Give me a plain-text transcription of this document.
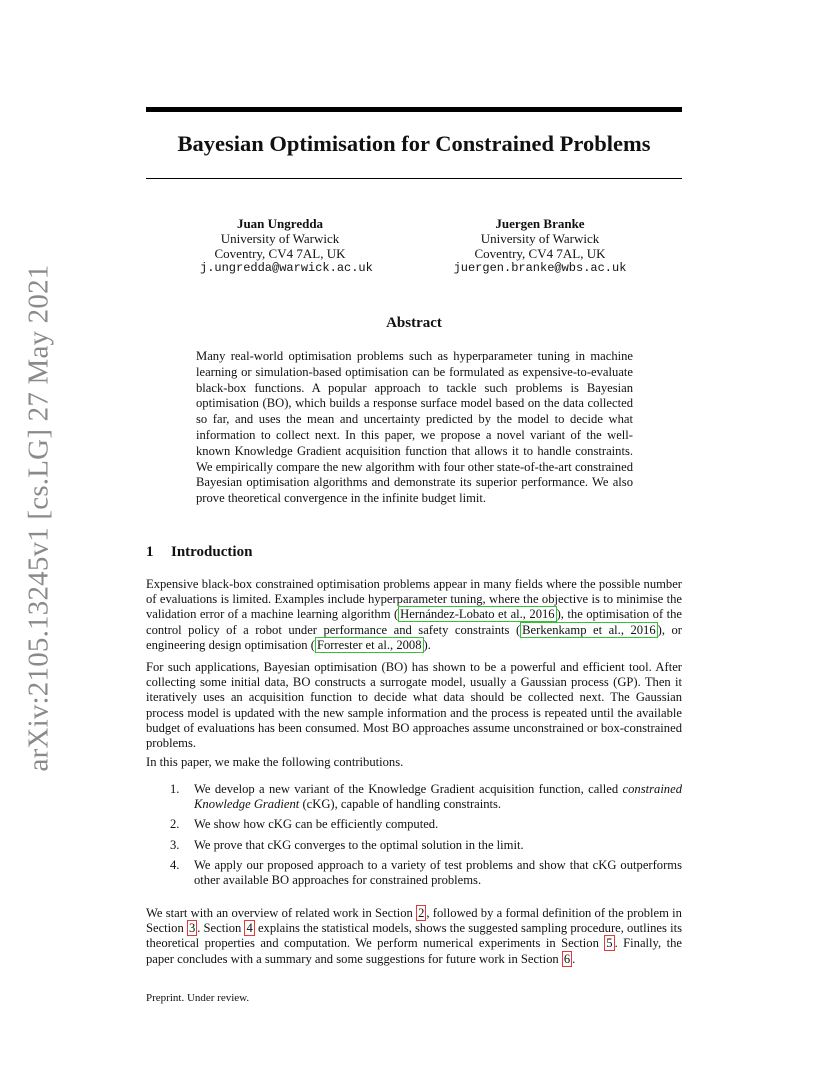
arXiv:2105.13245v1 [cs.LG] 27 May 2021
Bayesian Optimisation for Constrained Problems
Juan Ungredda
University of Warwick
Coventry, CV4 7AL, UK
j.ungredda@warwick.ac.uk
Juergen Branke
University of Warwick
Coventry, CV4 7AL, UK
juergen.branke@wbs.ac.uk
Abstract

Many real-world optimisation problems such as hyperparameter tuning in machine learning or simulation-based optimisation can be formulated as expensive-to-evaluate black-box functions. A popular approach to tackle such problems is Bayesian optimisation (BO), which builds a response surface model based on the data collected so far, and uses the mean and uncertainty predicted by the model to decide what information to collect next. In this paper, we propose a novel variant of the well-known Knowledge Gradient acquisition function that allows it to handle constraints. We empirically compare the new algorithm with four other state-of-the-art constrained Bayesian optimisation algorithms and demonstrate its superior performance. We also prove theoretical convergence in the infinite budget limit.

1 Introduction

Expensive black-box constrained optimisation problems appear in many fields where the possible number of evaluations is limited. Examples include hyperparameter tuning, where the objective is to minimise the validation error of a machine learning algorithm ( Hernández-Lobato et al., 2016 ), the optimisation of the control policy of a robot under performance and safety constraints ( Berkenkamp et al., 2016 ), or engineering design optimisation ( Forrester et al., 2008 ).

For such applications, Bayesian optimisation (BO) has shown to be a powerful and efficient tool. After collecting some initial data, BO constructs a surrogate model, usually a Gaussian process (GP). Then it iteratively uses an acquisition function to decide what data should be collected next. The Gaussian process model is updated with the new sample information and the process is repeated until the available budget of evaluations has been consumed. Most BO approaches assume unconstrained or box-constrained problems.

In this paper, we make the following contributions.

1. We develop a new variant of the Knowledge Gradient acquisition function, called constrained Knowledge Gradient (cKG), capable of handling constraints.
2. We show how cKG can be efficiently computed.
3. We prove that cKG converges to the optimal solution in the limit.
4. We apply our proposed approach to a variety of test problems and show that cKG outperforms other available BO approaches for constrained problems.

We start with an overview of related work in Section 2 , followed by a formal definition of the problem in Section 3 . Section 4 explains the statistical models, shows the suggested sampling procedure, outlines its theoretical properties and computation. We perform numerical experiments in Section 5 . Finally, the paper concludes with a summary and some suggestions for future work in Section 6 .

Preprint. Under review.
